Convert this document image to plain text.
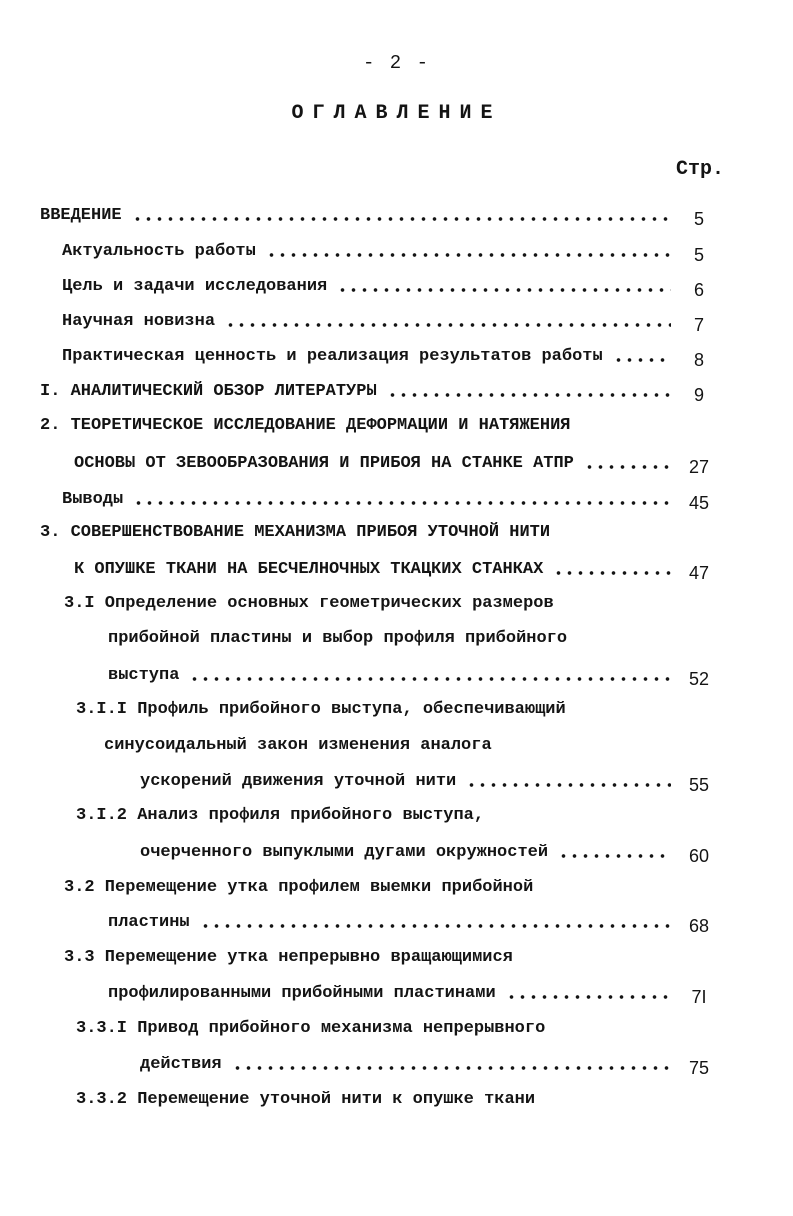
- 2 -
ОГЛАВЛЕНИЕ
Стр.
ВВЕДЕНИЕ	5
Актуальность работы	5
Цель и задачи исследования	6
Научная новизна	7
Практическая ценность и реализация результатов работы	8
I. АНАЛИТИЧЕСКИЙ ОБЗОР ЛИТЕРАТУРЫ	9
2. ТЕОРЕТИЧЕСКОЕ ИССЛЕДОВАНИЕ ДЕФОРМАЦИИ И НАТЯЖЕНИЯ
ОСНОВЫ ОТ ЗЕВООБРАЗОВАНИЯ И ПРИБОЯ НА СТАНКЕ АТПР	27
Выводы	45
3. СОВЕРШЕНСТВОВАНИЕ МЕХАНИЗМА ПРИБОЯ УТОЧНОЙ НИТИ
К ОПУШКЕ ТКАНИ НА БЕСЧЕЛНОЧНЫХ ТКАЦКИХ СТАНКАХ	47
3.I Определение основных геометрических размеров
прибойной пластины и выбор профиля прибойного
выступа	52
3.I.I Профиль прибойного выступа, обеспечивающий
синусоидальный закон изменения аналога
ускорений движения уточной нити	55
3.I.2 Анализ профиля прибойного выступа,
очерченного выпуклыми дугами окружностей	60
3.2 Перемещение утка профилем выемки прибойной
пластины	68
3.3 Перемещение утка непрерывно вращающимися
профилированными прибойными пластинами	7I
3.3.I Привод прибойного механизма непрерывного
действия	75
3.3.2 Перемещение уточной нити к опушке ткани
